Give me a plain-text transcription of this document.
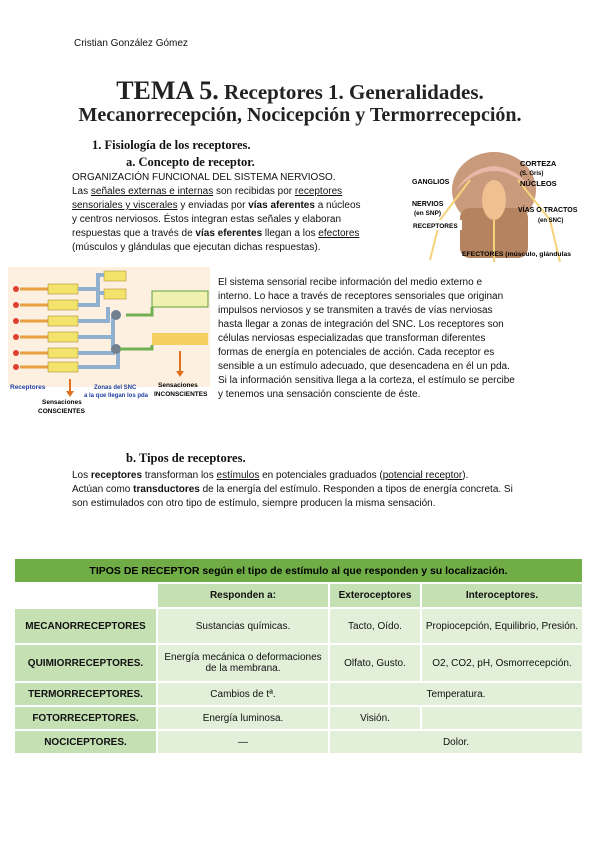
Cristian González Gómez
TEMA 5. Receptores 1. Generalidades.
Mecanorrecepción, Nocicepción y Termorrecepción.
1. Fisiología de los receptores.
a. Concepto de receptor.
ORGANIZACIÓN FUNCIONAL DEL SISTEMA NERVIOSO.
Las señales externas e internas son recibidas por receptores
sensoriales y viscerales y enviadas por vías aferentes a núcleos
y centros nerviosos. Éstos integran estas señales y elaboran
respuestas que a través de vías eferentes llegan a los efectores
(músculos y glándulas que ejecutan dichas respuestas).
CORTEZA
(S. Gris)
NÚCLEOS
GANGLIOS
NERVIOS
(en SNP)
RECEPTORES
VÍAS O TRACTOS
(en SNC)
EFECTORES (músculo, glándulas
Receptores	Zonas del SNC
a la que llegan los pda
Sensaciones
CONSCIENTES
Sensaciones
INCONSCIENTES
El sistema sensorial recibe información del medio externo e interno. Lo hace a través de receptores sensoriales que originan impulsos nerviosos y se transmiten a través de vías nerviosas hasta llegar a zonas de integración del SNC. Los receptores son células nerviosas especializadas que transforman diferentes formas de energía en potenciales de acción. Cada receptor es sensible a un estímulo adecuado, que desencadena en él un pda. Si la información sensitiva llega a la corteza, el estímulo se percibe y tenemos una sensación consciente de éste.
b. Tipos de receptores.
Los receptores transforman los estímulos en potenciales graduados (potencial receptor).
Actúan como transductores de la energía del estímulo. Responden a tipos de energía concreta. Si son estimulados con otro tipo de estímulo, siempre producen la misma sensación.
TIPOS DE RECEPTOR según el tipo de estímulo al que responden y su localización.			
	Responden a:	Exteroceptores	Interoceptores.
MECANORRECEPTORES	Sustancias químicas.	Tacto, Oído.	Propiocepción, Equilibrio, Presión.
QUIMIORRECEPTORES.	Energía mecánica o deformaciones de la membrana.	Olfato, Gusto.	O2, CO2, pH, Osmorrecepción.
TERMORRECEPTORES.	Cambios de tª.	Temperatura.	
FOTORRECEPTORES.	Energía luminosa.	Visión.	
NOCICEPTORES.	—	Dolor.	
